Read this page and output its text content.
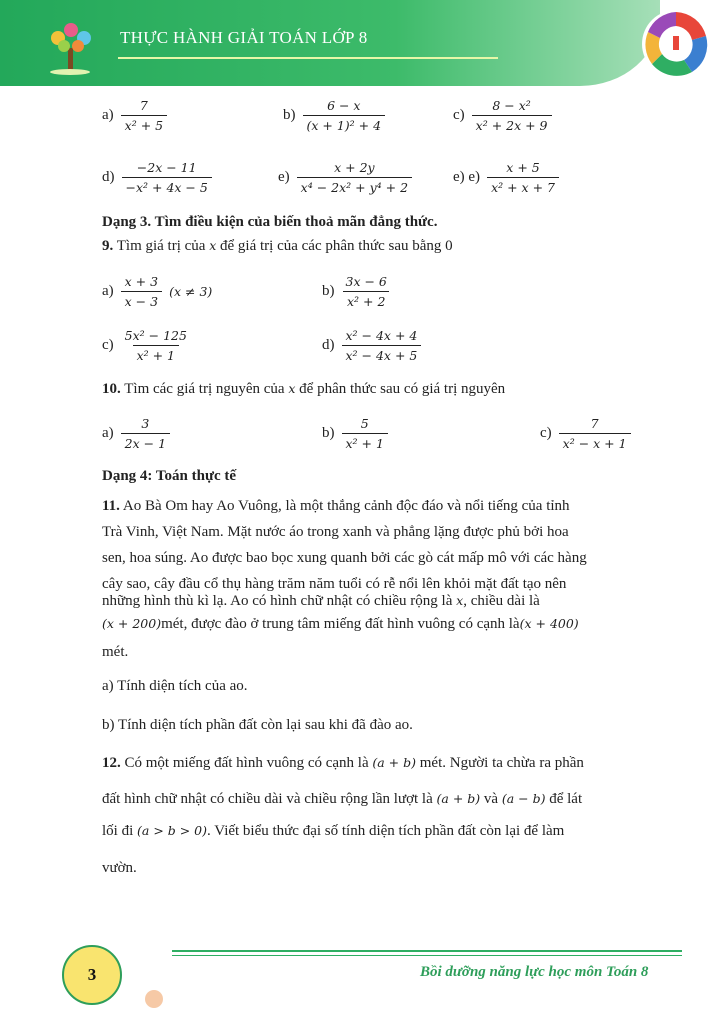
THỰC HÀNH GIẢI TOÁN LỚP 8
$a) \frac{7}{\text{x² + 5}}$	$b) \frac{6 - x}{\text{(x + 1)² + 4}}$	$c) \frac{\text{8 − x²}}{\text{x² + 2x + 9}}$
$d) \frac{-2x - 11}{\text{−x² + 4x − 5}}$	$e) \frac{x + 2y}{\text{x⁴ − 2x² + y⁴ + 2}}$	e) $e) \frac{x + 5}{\text{x² + x + 7}}$
Dạng 3. Tìm điều kiện của biến thoả mãn đẳng thức.
9. Tìm giá trị của x để giá trị của các phân thức sau bằng 0
$a) \frac{x + 3}{x - 3} (x \ne 3)$	$b) \frac{3x - 6}{\text{x² + 2}}$
$c) \frac{\text{5x² − 125}}{\text{x² + 1}}$	$d) \frac{\text{x² − 4x + 4}}{\text{x² − 4x + 5}}$
10. Tìm các giá trị nguyên của x để phân thức sau có giá trị nguyên
$a) \frac{3}{2x - 1}$	$b) \frac{5}{\text{x² + 1}}$	$c) \frac{7}{\text{x² − x + 1}}$
Dạng 4: Toán thực tế
11. Ao Bà Om hay Ao Vuông, là một thắng cảnh độc đáo và nổi tiếng của tỉnh
Trà Vinh, Việt Nam. Mặt nước áo trong xanh và phẳng lặng được phủ bởi hoa
sen, hoa súng. Ao được bao bọc xung quanh bởi các gò cát mấp mô với các hàng
cây sao, cây đầu cổ thụ hàng trăm năm tuổi có rễ nổi lên khỏi mặt đất tạo nên
những hình thù kì lạ. Ao có hình chữ nhật có chiều rộng là x, chiều dài là
(x + 200)mét, được đào ở trung tâm miếng đất hình vuông có cạnh là(x + 400)
mét.
a) Tính diện tích của ao.
b) Tính diện tích phần đất còn lại sau khi đã đào ao.
12. Có một miếng đất hình vuông có cạnh là (a + b) mét. Người ta chừa ra phần
đất hình chữ nhật có chiều dài và chiều rộng lần lượt là (a + b) và (a − b) để lát
lối đi (a > b > 0). Viết biểu thức đại số tính diện tích phần đất còn lại để làm
vườn.
3	Bồi dưỡng năng lực học môn Toán 8
